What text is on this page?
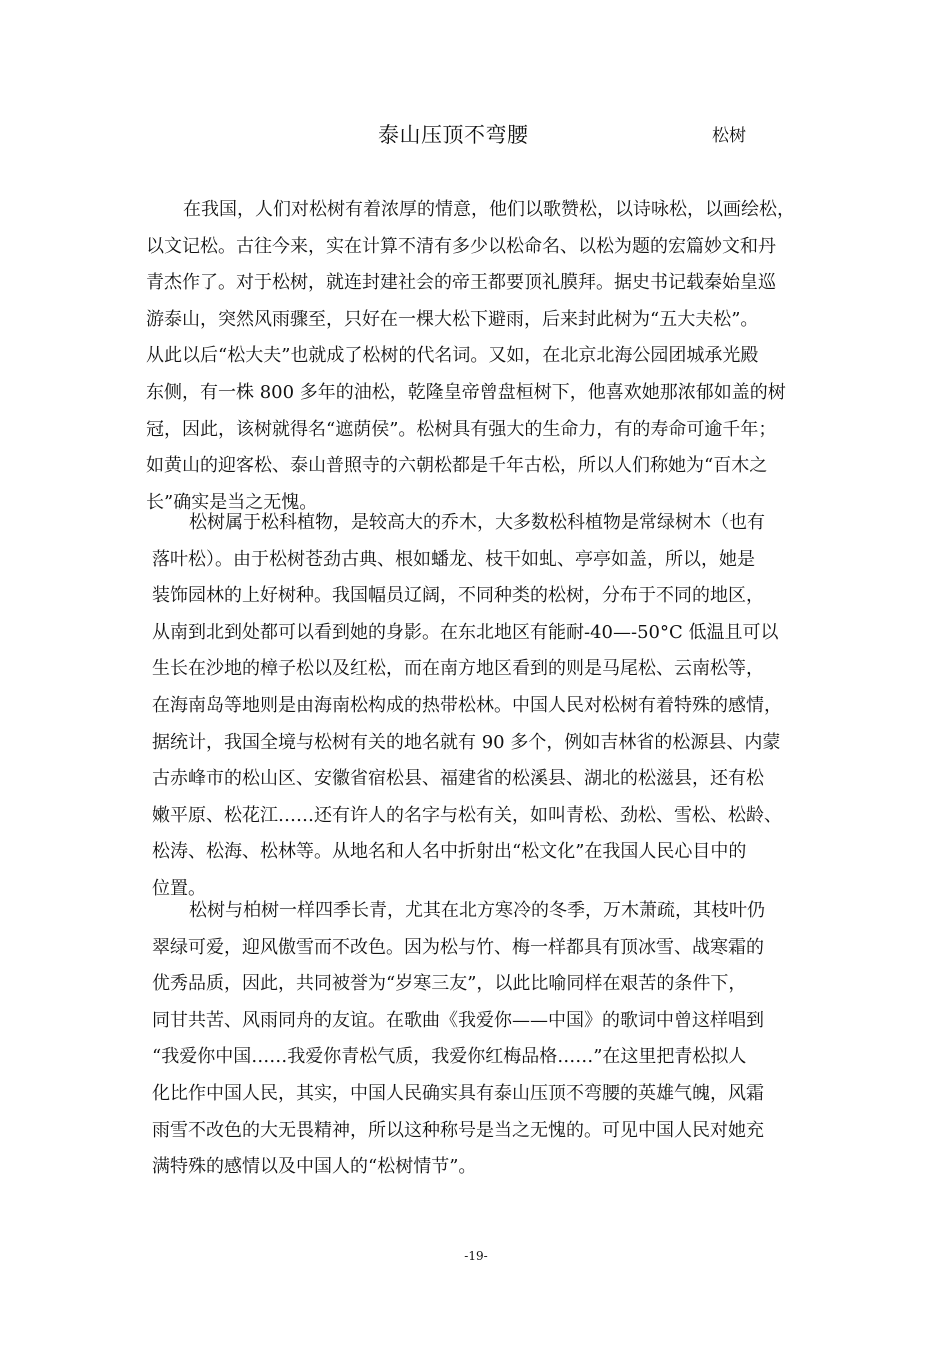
泰山压顶不弯腰	松树
在我国，人们对松树有着浓厚的情意，他们以歌赞松，以诗咏松，以画绘松，
以文记松。古往今来，实在计算不清有多少以松命名、以松为题的宏篇妙文和丹
青杰作了。对于松树，就连封建社会的帝王都要顶礼膜拜。据史书记载秦始皇巡
游泰山，突然风雨骤至，只好在一棵大松下避雨，后来封此树为“五大夫松”。
从此以后“松大夫”也就成了松树的代名词。又如，在北京北海公园团城承光殿
东侧，有一株 800 多年的油松，乾隆皇帝曾盘桓树下，他喜欢她那浓郁如盖的树
冠，因此，该树就得名“遮荫侯”。松树具有强大的生命力，有的寿命可逾千年；
如黄山的迎客松、泰山普照寺的六朝松都是千年古松，所以人们称她为“百木之
长”确实是当之无愧。
松树属于松科植物，是较高大的乔木，大多数松科植物是常绿树木（也有
落叶松）。由于松树苍劲古典、根如蟠龙、枝干如虬、亭亭如盖，所以，她是
装饰园林的上好树种。我国幅员辽阔，不同种类的松树，分布于不同的地区，
从南到北到处都可以看到她的身影。在东北地区有能耐-40—-50°C 低温且可以
生长在沙地的樟子松以及红松，而在南方地区看到的则是马尾松、云南松等，
在海南岛等地则是由海南松构成的热带松林。中国人民对松树有着特殊的感情，
据统计，我国全境与松树有关的地名就有 90 多个，例如吉林省的松源县、内蒙
古赤峰市的松山区、安徽省宿松县、福建省的松溪县、湖北的松滋县，还有松
嫩平原、松花江……还有许人的名字与松有关，如叫青松、劲松、雪松、松龄、
松涛、松海、松林等。从地名和人名中折射出“松文化”在我国人民心目中的
位置。
松树与柏树一样四季长青，尤其在北方寒冷的冬季，万木萧疏，其枝叶仍
翠绿可爱，迎风傲雪而不改色。因为松与竹、梅一样都具有顶冰雪、战寒霜的
优秀品质，因此，共同被誉为“岁寒三友”，以此比喻同样在艰苦的条件下，
同甘共苦、风雨同舟的友谊。在歌曲《我爱你——中国》的歌词中曾这样唱到
“我爱你中国……我爱你青松气质，我爱你红梅品格……”在这里把青松拟人
化比作中国人民，其实，中国人民确实具有泰山压顶不弯腰的英雄气魄，风霜
雨雪不改色的大无畏精神，所以这种称号是当之无愧的。可见中国人民对她充
满特殊的感情以及中国人的“松树情节”。
-19-
